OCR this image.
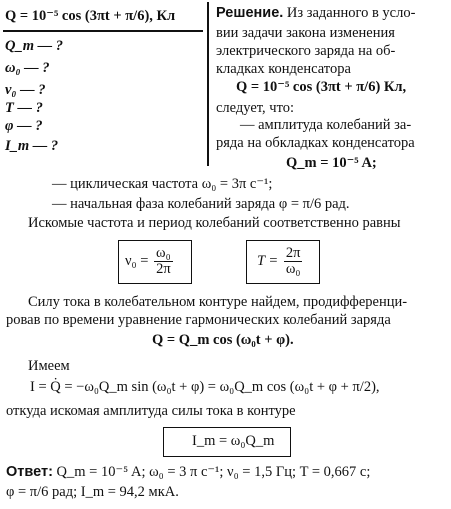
Q = 10⁻⁵ cos (3πt + π/6), Кл
Q_m — ?
ω₀ — ?
ν₀ — ?
T — ?
φ — ?
I_m — ?
Решение. Из заданного в усло-
вии задачи закона изменения
электрического заряда на об-
кладках конденсатора
Q = 10⁻⁵ cos (3πt + π/6) Кл,
следует, что:
— амплитуда колебаний за-
ряда на обкладках конденсатора
Q_m = 10⁻⁵ A;
— циклическая частота ω₀ = 3π с⁻¹;
— начальная фаза колебаний заряда φ = π/6 рад.
Искомые частота и период колебаний соответственно равны
$\nu_0 = \frac{\text{ω₀}}{2\pi}$	$T = \frac{2\pi}{\text{ω₀}}$
Силу тока в колебательном контуре найдем, продифференци-
ровав по времени уравнение гармонических колебаний заряда
Q = Q_m cos (ω₀t + φ).
Имеем
I = Q̇ = −ω₀Q_m sin (ω₀t + φ) = ω₀Q_m cos (ω₀t + φ + π/2),
откуда искомая амплитуда силы тока в контуре
I_m = ω₀Q_m
Ответ: Q_m = 10⁻⁵ A; ω₀ = 3 π с⁻¹; ν₀ = 1,5 Гц; T = 0,667 с;
φ = π/6 рад; I_m = 94,2 мкА.
